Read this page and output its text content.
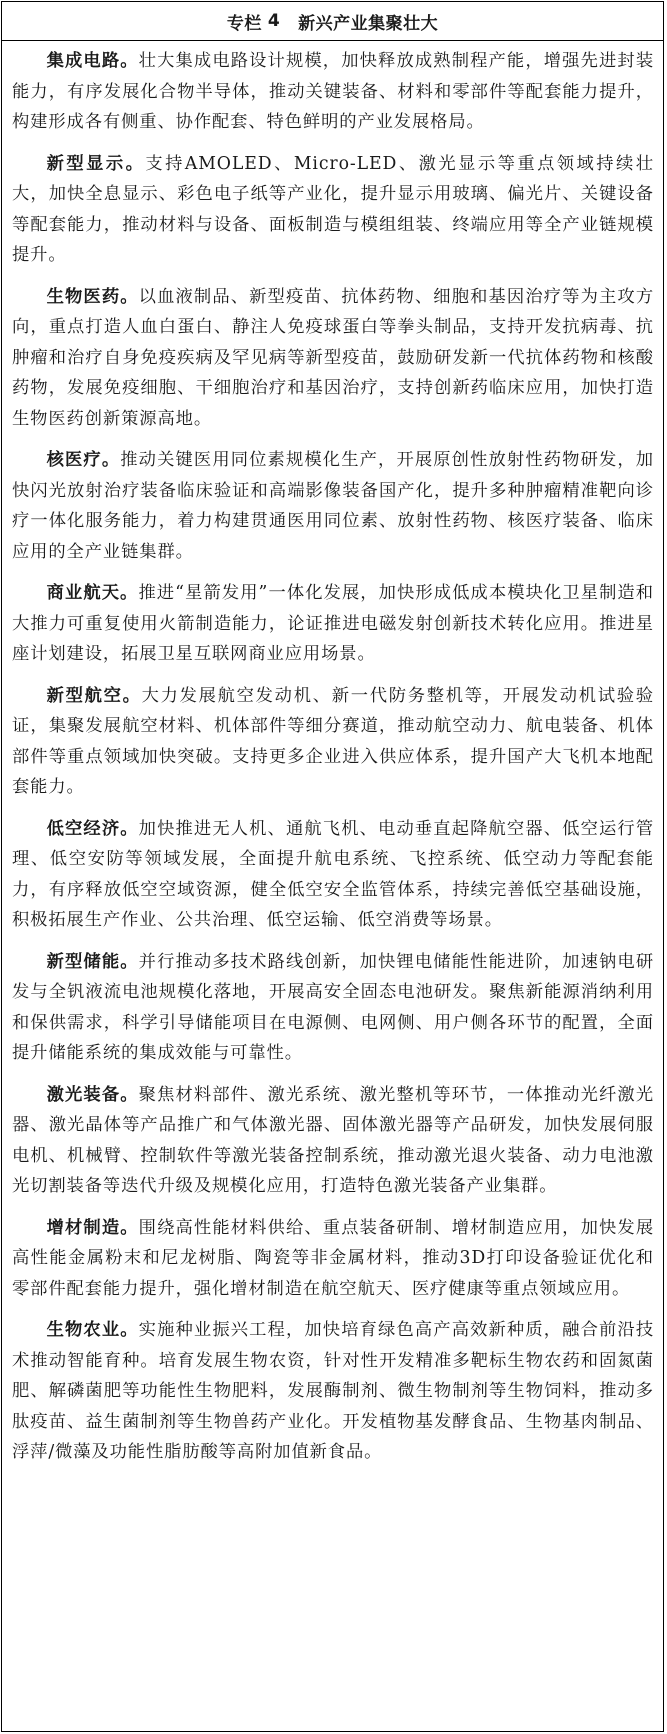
专栏 4 新兴产业集聚壮大

集成电路。壮大集成电路设计规模，加快释放成熟制程产能，增强先进封装能力，有序发展化合物半导体，推动关键装备、材料和零部件等配套能力提升，构建形成各有侧重、协作配套、特色鲜明的产业发展格局。

新型显示。支持AMOLED、Micro-LED、激光显示等重点领域持续壮大，加快全息显示、彩色电子纸等产业化，提升显示用玻璃、偏光片、关键设备等配套能力，推动材料与设备、面板制造与模组组装、终端应用等全产业链规模提升。

生物医药。以血液制品、新型疫苗、抗体药物、细胞和基因治疗等为主攻方向，重点打造人血白蛋白、静注人免疫球蛋白等拳头制品，支持开发抗病毒、抗肿瘤和治疗自身免疫疾病及罕见病等新型疫苗，鼓励研发新一代抗体药物和核酸药物，发展免疫细胞、干细胞治疗和基因治疗，支持创新药临床应用，加快打造生物医药创新策源高地。

核医疗。推动关键医用同位素规模化生产，开展原创性放射性药物研发，加快闪光放射治疗装备临床验证和高端影像装备国产化，提升多种肿瘤精准靶向诊疗一体化服务能力，着力构建贯通医用同位素、放射性药物、核医疗装备、临床应用的全产业链集群。

商业航天。推进“星箭发用”一体化发展，加快形成低成本模块化卫星制造和大推力可重复使用火箭制造能力，论证推进电磁发射创新技术转化应用。推进星座计划建设，拓展卫星互联网商业应用场景。

新型航空。大力发展航空发动机、新一代防务整机等，开展发动机试验验证，集聚发展航空材料、机体部件等细分赛道，推动航空动力、航电装备、机体部件等重点领域加快突破。支持更多企业进入供应体系，提升国产大飞机本地配套能力。

低空经济。加快推进无人机、通航飞机、电动垂直起降航空器、低空运行管理、低空安防等领域发展，全面提升航电系统、飞控系统、低空动力等配套能力，有序释放低空空域资源，健全低空安全监管体系，持续完善低空基础设施，积极拓展生产作业、公共治理、低空运输、低空消费等场景。

新型储能。并行推动多技术路线创新，加快锂电储能性能进阶，加速钠电研发与全钒液流电池规模化落地，开展高安全固态电池研发。聚焦新能源消纳利用和保供需求，科学引导储能项目在电源侧、电网侧、用户侧各环节的配置，全面提升储能系统的集成效能与可靠性。

激光装备。聚焦材料部件、激光系统、激光整机等环节，一体推动光纤激光器、激光晶体等产品推广和气体激光器、固体激光器等产品研发，加快发展伺服电机、机械臂、控制软件等激光装备控制系统，推动激光退火装备、动力电池激光切割装备等迭代升级及规模化应用，打造特色激光装备产业集群。

增材制造。围绕高性能材料供给、重点装备研制、增材制造应用，加快发展高性能金属粉末和尼龙树脂、陶瓷等非金属材料，推动3D打印设备验证优化和零部件配套能力提升，强化增材制造在航空航天、医疗健康等重点领域应用。

生物农业。实施种业振兴工程，加快培育绿色高产高效新种质，融合前沿技术推动智能育种。培育发展生物农资，针对性开发精准多靶标生物农药和固氮菌肥、解磷菌肥等功能性生物肥料，发展酶制剂、微生物制剂等生物饲料，推动多肽疫苗、益生菌制剂等生物兽药产业化。开发植物基发酵食品、生物基肉制品、浮萍/微藻及功能性脂肪酸等高附加值新食品。
